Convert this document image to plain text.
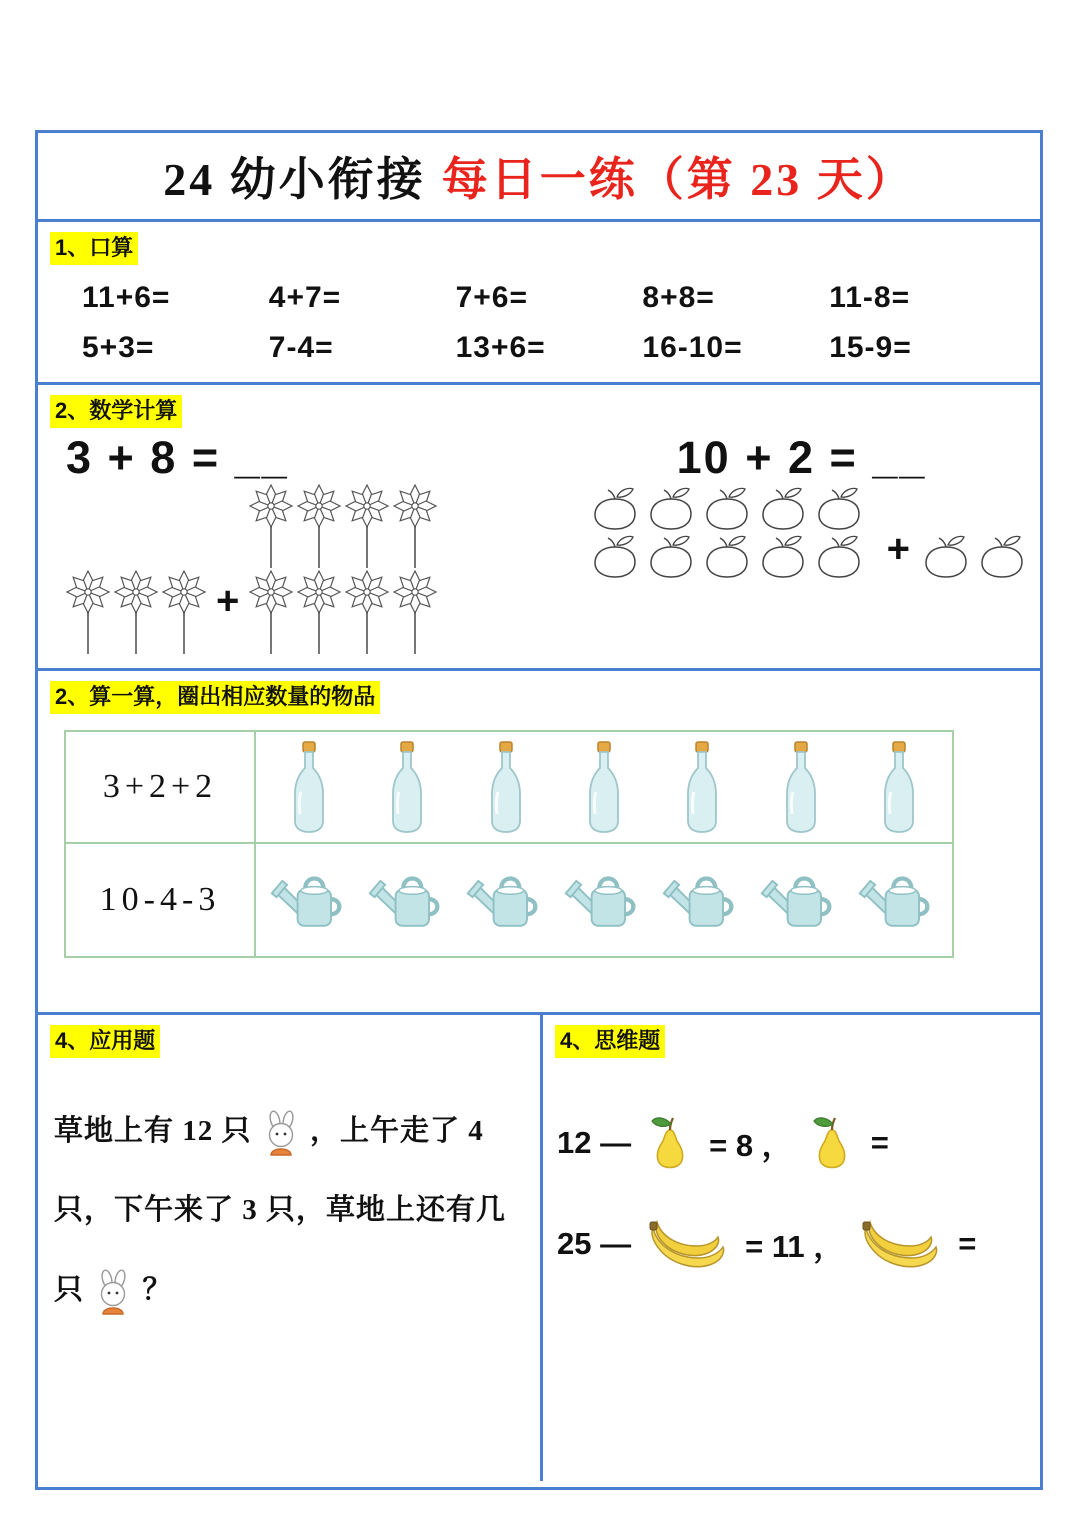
24 幼小衔接 每日一练（第 23 天）
1、口算
11+6=	4+7=	7+6=	8+8=	11-8=
5+3=	7-4=	13+6=	16-10=	15-9=
2、数学计算
3 + 8 = __
+
10 + 2 = __
+
2、算一算，圈出相应数量的物品
3+2+2
10-4-3
4、应用题

草地上有 12 只 ，上午走了 4 只，下午来了 3 只，草地上还有几只 ？

4、思维题
12 —	= 8 ，	=
25 —	= 11 ，	=
